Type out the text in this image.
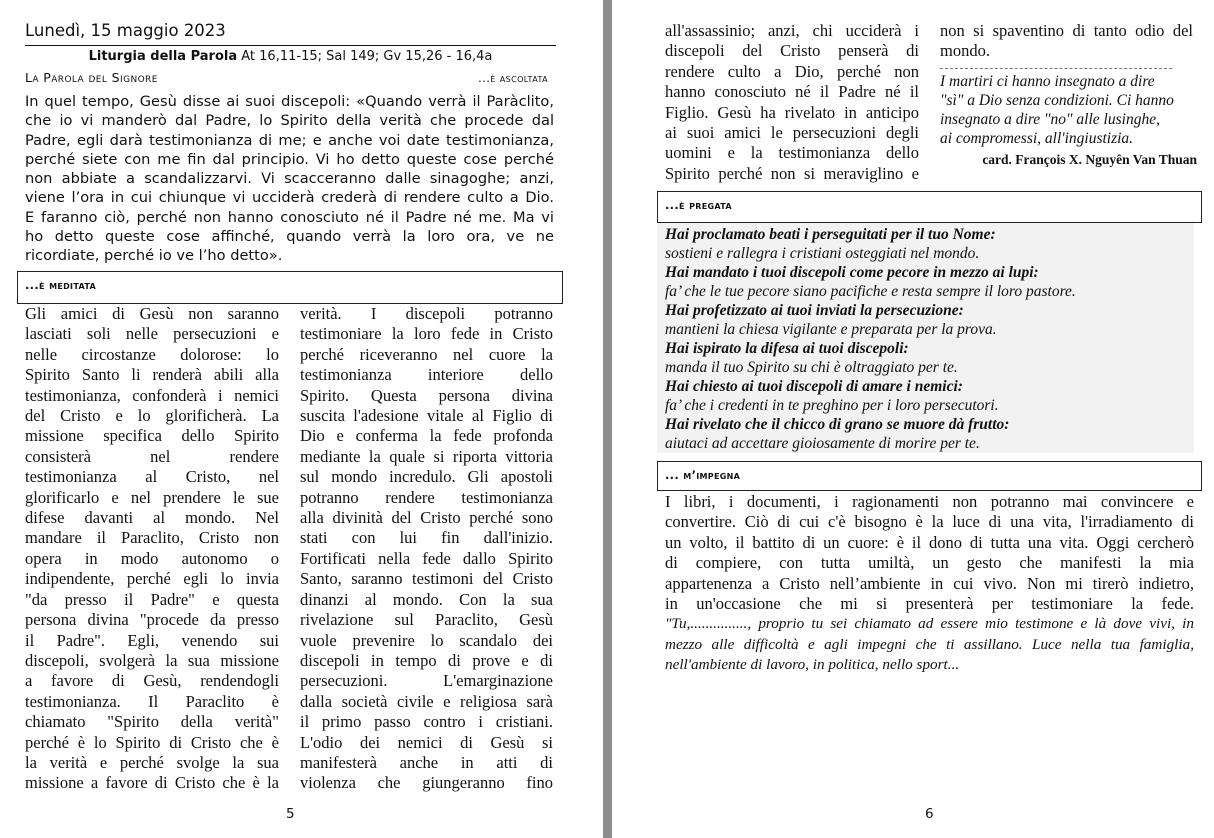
Lunedì, 15 maggio 2023
Liturgia della Parola At 16,11-15; Sal 149; Gv 15,26 - 16,4a
La Parola del Signore	...è ascoltata
In quel tempo, Gesù disse ai suoi discepoli: «Quando verrà il Paràclito,
che io vi manderò dal Padre, lo Spirito della verità che procede dal
Padre, egli darà testimonianza di me; e anche voi date testimonianza,
perché siete con me fin dal principio. Vi ho detto queste cose perché
non abbiate a scandalizzarvi. Vi scacceranno dalle sinagoghe; anzi,
viene l’ora in cui chiunque vi ucciderà crederà di rendere culto a Dio.
E faranno ciò, perché non hanno conosciuto né il Padre né me. Ma vi
ho detto queste cose affinché, quando verrà la loro ora, ve ne
ricordiate, perché io ve l’ho detto».
...è meditata
Gli amici di Gesù non saranno
lasciati soli nelle persecuzioni e
nelle circostanze dolorose: lo
Spirito Santo li renderà abili alla
testimonianza, confonderà i nemici
del Cristo e lo glorificherà. La
missione specifica dello Spirito
consisterà nel rendere
testimonianza al Cristo, nel
glorificarlo e nel prendere le sue
difese davanti al mondo. Nel
mandare il Paraclito, Cristo non
opera in modo autonomo o
indipendente, perché egli lo invia
"da presso il Padre" e questa
persona divina "procede da presso
il Padre". Egli, venendo sui
discepoli, svolgerà la sua missione
a favore di Gesù, rendendogli
testimonianza. Il Paraclito è
chiamato "Spirito della verità"
perché è lo Spirito di Cristo che è
la verità e perché svolge la sua
missione a favore di Cristo che è la
verità. I discepoli potranno
testimoniare la loro fede in Cristo
perché riceveranno nel cuore la
testimonianza interiore dello
Spirito. Questa persona divina
suscita l'adesione vitale al Figlio di
Dio e conferma la fede profonda
mediante la quale si riporta vittoria
sul mondo incredulo. Gli apostoli
potranno rendere testimonianza
alla divinità del Cristo perché sono
stati con lui fin dall'inizio.
Fortificati nella fede dallo Spirito
Santo, saranno testimoni del Cristo
dinanzi al mondo. Con la sua
rivelazione sul Paraclito, Gesù
vuole prevenire lo scandalo dei
discepoli in tempo di prove e di
persecuzioni. L'emarginazione
dalla società civile e religiosa sarà
il primo passo contro i cristiani.
L'odio dei nemici di Gesù si
manifesterà anche in atti di
violenza che giungeranno fino
5
all'assassinio; anzi, chi ucciderà i
discepoli del Cristo penserà di
rendere culto a Dio, perché non
hanno conosciuto né il Padre né il
Figlio. Gesù ha rivelato in anticipo
ai suoi amici le persecuzioni degli
uomini e la testimonianza dello
Spirito perché non si meraviglino e
non si spaventino di tanto odio del
mondo.
I martiri ci hanno insegnato a dire
"sì" a Dio senza condizioni. Ci hanno
insegnato a dire "no" alle lusinghe,
ai compromessi, all'ingiustizia.
card. François X. Nguyên Van Thuan
...è pregata
Hai proclamato beati i perseguitati per il tuo Nome:
sostieni e rallegra i cristiani osteggiati nel mondo.
Hai mandato i tuoi discepoli come pecore in mezzo ai lupi:
fa’ che le tue pecore siano pacifiche e resta sempre il loro pastore.
Hai profetizzato ai tuoi inviati la persecuzione:
mantieni la chiesa vigilante e preparata per la prova.
Hai ispirato la difesa ai tuoi discepoli:
manda il tuo Spirito su chi è oltraggiato per te.
Hai chiesto ai tuoi discepoli di amare i nemici:
fa’ che i credenti in te preghino per i loro persecutori.
Hai rivelato che il chicco di grano se muore dà frutto:
aiutaci ad accettare gioiosamente di morire per te.
... m’impegna
I libri, i documenti, i ragionamenti non potranno mai convincere e
convertire. Ciò di cui c'è bisogno è la luce di una vita, l'irradiamento di
un volto, il battito di un cuore: è il dono di tutta una vita. Oggi cercherò
di compiere, con tutta umiltà, un gesto che manifesti la mia
appartenenza a Cristo nell’ambiente in cui vivo. Non mi tirerò indietro,
in un'occasione che mi si presenterà per testimoniare la fede.
"Tu,..............., proprio tu sei chiamato ad essere mio testimone e là dove vivi, in
mezzo alle difficoltà e agli impegni che ti assillano. Luce nella tua famiglia,
nell'ambiente di lavoro, in politica, nello sport...
6
